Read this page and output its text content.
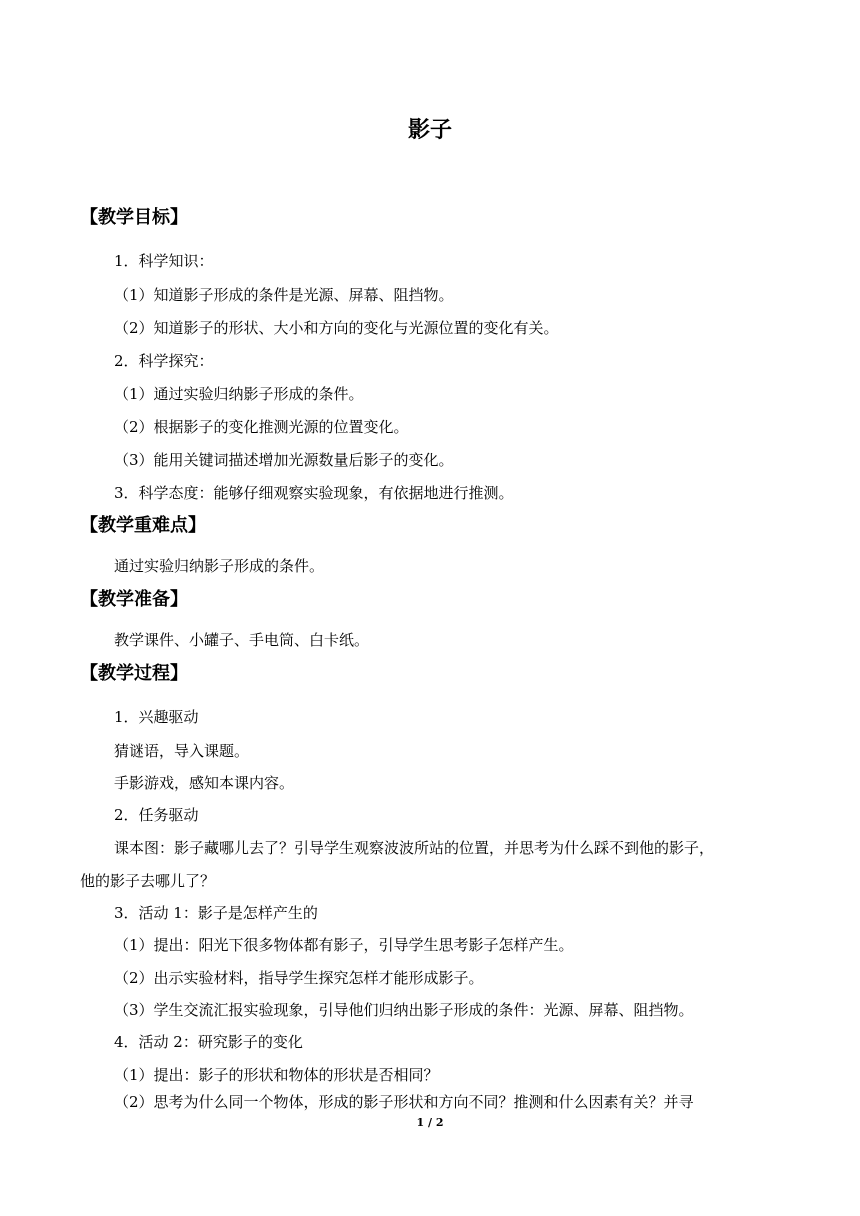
影子
【教学目标】
1．科学知识：
（1）知道影子形成的条件是光源、屏幕、阻挡物。
（2）知道影子的形状、大小和方向的变化与光源位置的变化有关。
2．科学探究：
（1）通过实验归纳影子形成的条件。
（2）根据影子的变化推测光源的位置变化。
（3）能用关键词描述增加光源数量后影子的变化。
3．科学态度：能够仔细观察实验现象，有依据地进行推测。
【教学重难点】
通过实验归纳影子形成的条件。
【教学准备】
教学课件、小罐子、手电筒、白卡纸。
【教学过程】
1．兴趣驱动
猜谜语，导入课题。
手影游戏，感知本课内容。
2．任务驱动
课本图：影子藏哪儿去了？引导学生观察波波所站的位置，并思考为什么踩不到他的影子，
他的影子去哪儿了？
3．活动 1：影子是怎样产生的
（1）提出：阳光下很多物体都有影子，引导学生思考影子怎样产生。
（2）出示实验材料，指导学生探究怎样才能形成影子。
（3）学生交流汇报实验现象，引导他们归纳出影子形成的条件：光源、屏幕、阻挡物。
4．活动 2：研究影子的变化
（1）提出：影子的形状和物体的形状是否相同？
（2）思考为什么同一个物体，形成的影子形状和方向不同？推测和什么因素有关？并寻
1 / 2
